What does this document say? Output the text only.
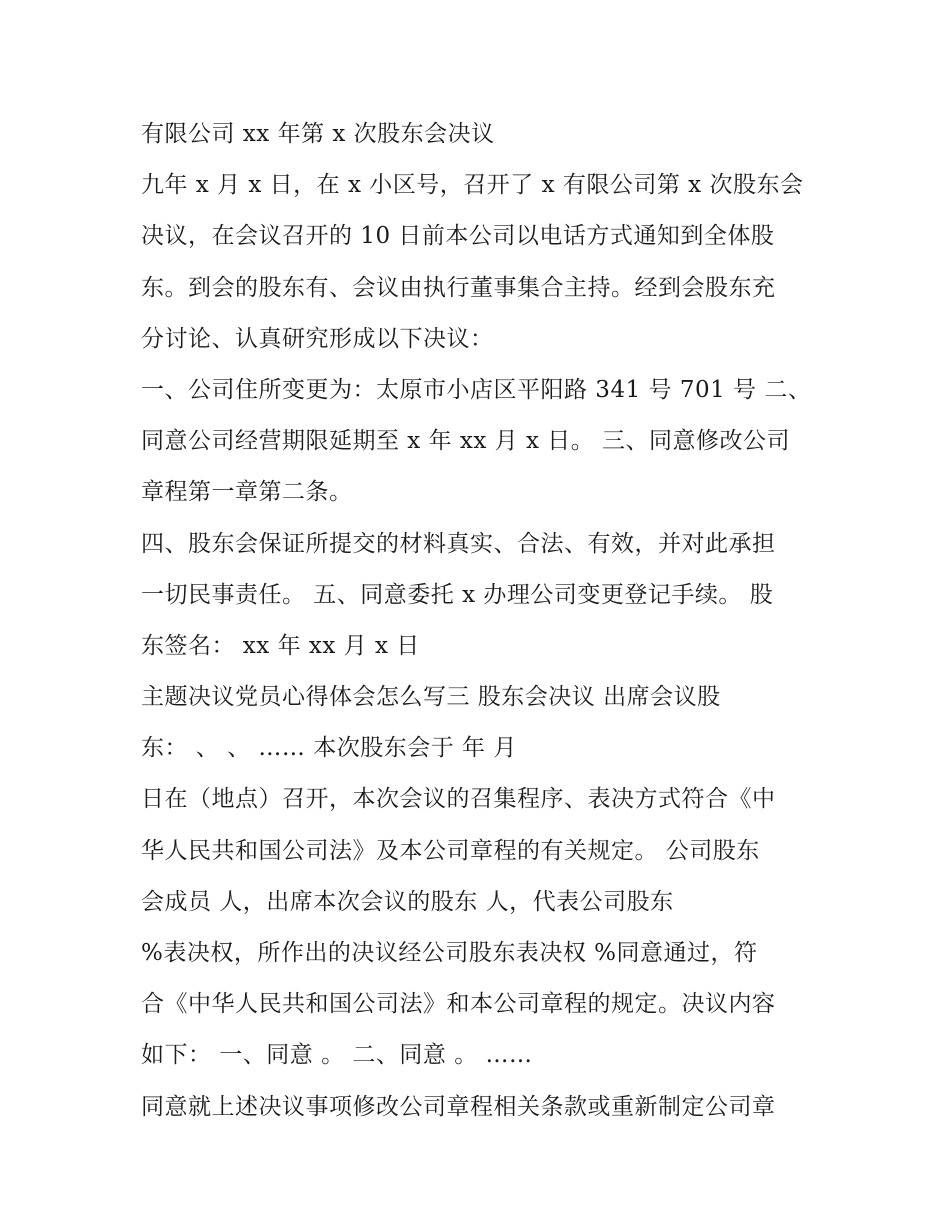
有限公司 xx 年第 x 次股东会决议
九年 x 月 x 日，在 x 小区号，召开了 x 有限公司第 x 次股东会
决议，在会议召开的 10 日前本公司以电话方式通知到全体股
东。到会的股东有、会议由执行董事集合主持。经到会股东充
分讨论、认真研究形成以下决议：
一、公司住所变更为：太原市小店区平阳路 341 号 701 号 二、
同意公司经营期限延期至 x 年 xx 月 x 日。 三、同意修改公司
章程第一章第二条。
四、股东会保证所提交的材料真实、合法、有效，并对此承担
一切民事责任。 五、同意委托 x 办理公司变更登记手续。 股
东签名： xx 年 xx 月 x 日
主题决议党员心得体会怎么写三 股东会决议 出席会议股
东： 、 、 …… 本次股东会于 年 月
日在（地点）召开，本次会议的召集程序、表决方式符合《中
华人民共和国公司法》及本公司章程的有关规定。 公司股东
会成员 人，出席本次会议的股东 人，代表公司股东
%表决权，所作出的决议经公司股东表决权 %同意通过，符
合《中华人民共和国公司法》和本公司章程的规定。决议内容
如下： 一、同意 。 二、同意 。 ……
同意就上述决议事项修改公司章程相关条款或重新制定公司章
